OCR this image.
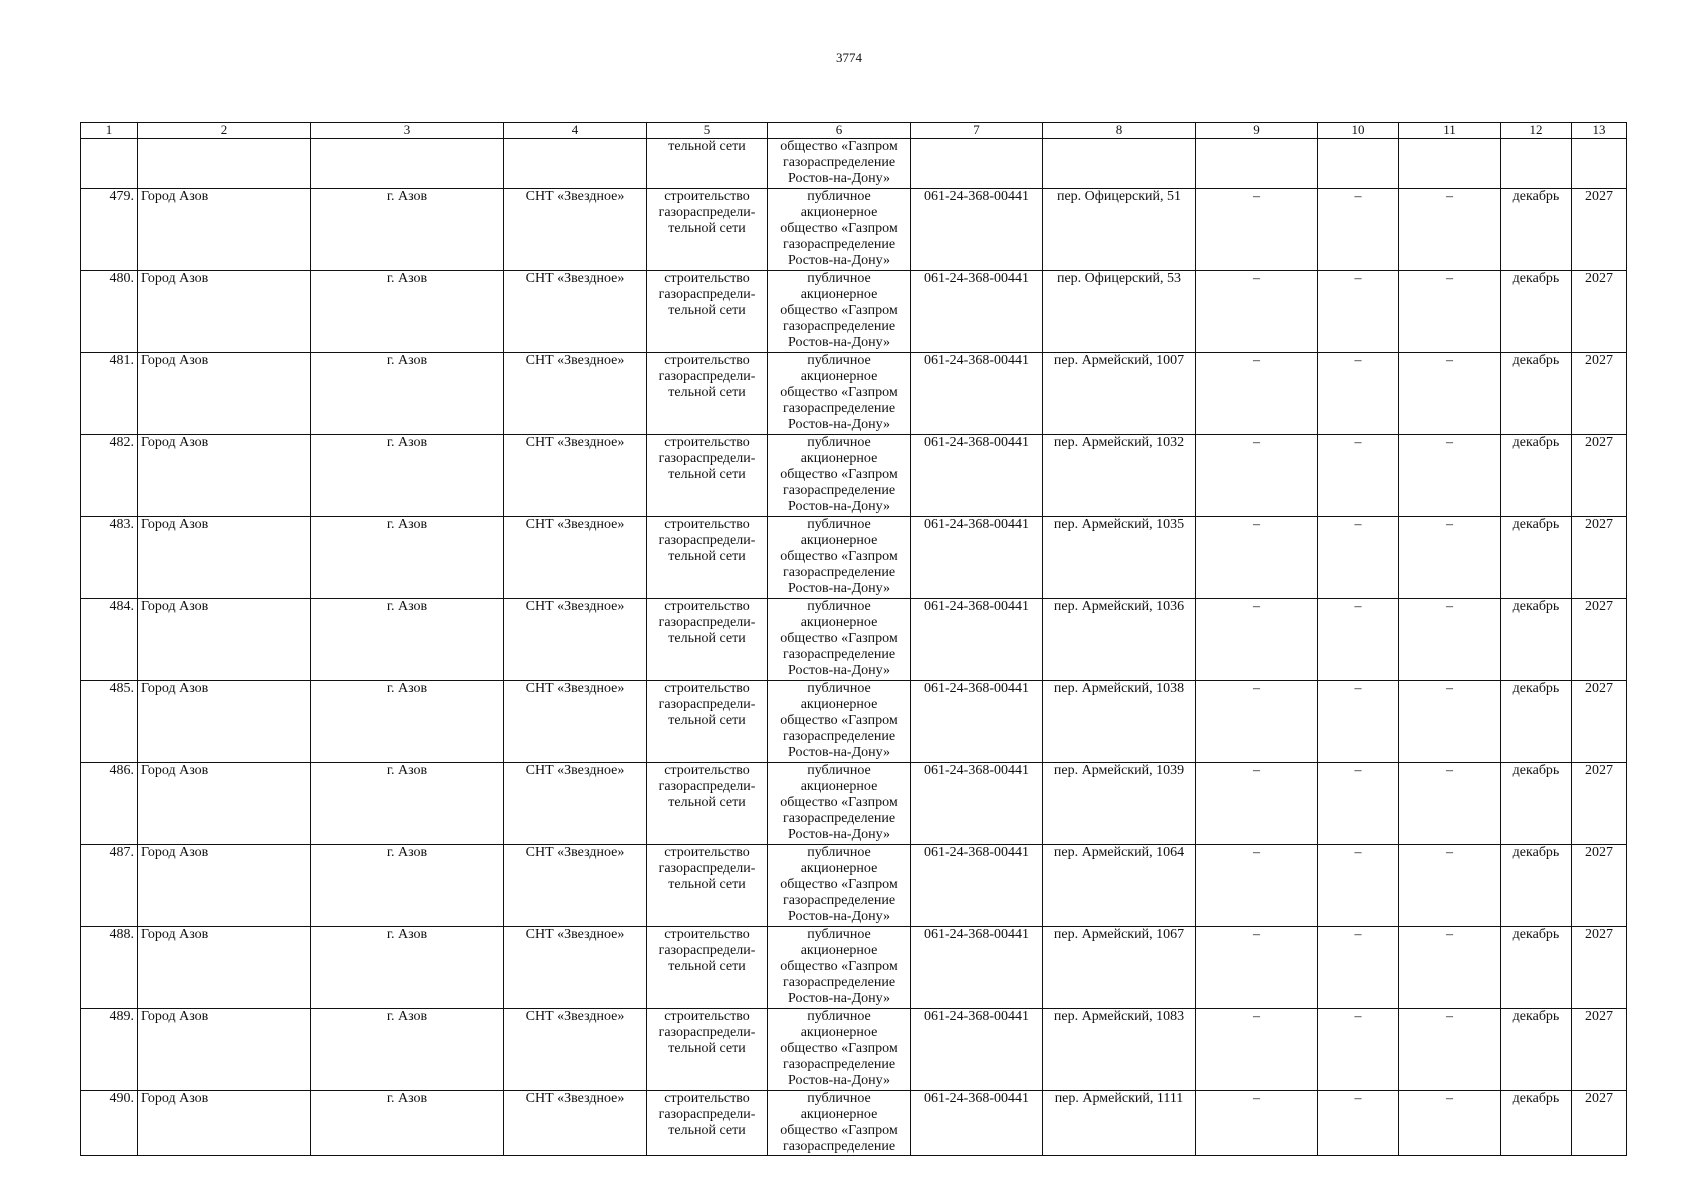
3774
1	2	3	4	5	6	7	8	9	10	11	12	13
				тельной сети	общество «Газпром газораспределение Ростов-на-Дону»							
479.	Город Азов	г. Азов	СНТ «Звездное»	строительство газораспредели-тельной сети	публичное акционерное общество «Газпром газораспределение Ростов-на-Дону»	061-24-368-00441	пер. Офицерский, 51	–	–	–	декабрь	2027
480.	Город Азов	г. Азов	СНТ «Звездное»	строительство газораспредели-тельной сети	публичное акционерное общество «Газпром газораспределение Ростов-на-Дону»	061-24-368-00441	пер. Офицерский, 53	–	–	–	декабрь	2027
481.	Город Азов	г. Азов	СНТ «Звездное»	строительство газораспредели-тельной сети	публичное акционерное общество «Газпром газораспределение Ростов-на-Дону»	061-24-368-00441	пер. Армейский, 1007	–	–	–	декабрь	2027
482.	Город Азов	г. Азов	СНТ «Звездное»	строительство газораспредели-тельной сети	публичное акционерное общество «Газпром газораспределение Ростов-на-Дону»	061-24-368-00441	пер. Армейский, 1032	–	–	–	декабрь	2027
483.	Город Азов	г. Азов	СНТ «Звездное»	строительство газораспредели-тельной сети	публичное акционерное общество «Газпром газораспределение Ростов-на-Дону»	061-24-368-00441	пер. Армейский, 1035	–	–	–	декабрь	2027
484.	Город Азов	г. Азов	СНТ «Звездное»	строительство газораспредели-тельной сети	публичное акционерное общество «Газпром газораспределение Ростов-на-Дону»	061-24-368-00441	пер. Армейский, 1036	–	–	–	декабрь	2027
485.	Город Азов	г. Азов	СНТ «Звездное»	строительство газораспредели-тельной сети	публичное акционерное общество «Газпром газораспределение Ростов-на-Дону»	061-24-368-00441	пер. Армейский, 1038	–	–	–	декабрь	2027
486.	Город Азов	г. Азов	СНТ «Звездное»	строительство газораспредели-тельной сети	публичное акционерное общество «Газпром газораспределение Ростов-на-Дону»	061-24-368-00441	пер. Армейский, 1039	–	–	–	декабрь	2027
487.	Город Азов	г. Азов	СНТ «Звездное»	строительство газораспредели-тельной сети	публичное акционерное общество «Газпром газораспределение Ростов-на-Дону»	061-24-368-00441	пер. Армейский, 1064	–	–	–	декабрь	2027
488.	Город Азов	г. Азов	СНТ «Звездное»	строительство газораспредели-тельной сети	публичное акционерное общество «Газпром газораспределение Ростов-на-Дону»	061-24-368-00441	пер. Армейский, 1067	–	–	–	декабрь	2027
489.	Город Азов	г. Азов	СНТ «Звездное»	строительство газораспредели-тельной сети	публичное акционерное общество «Газпром газораспределение Ростов-на-Дону»	061-24-368-00441	пер. Армейский, 1083	–	–	–	декабрь	2027
490.	Город Азов	г. Азов	СНТ «Звездное»	строительство газораспредели-тельной сети	публичное акционерное общество «Газпром газораспределение	061-24-368-00441	пер. Армейский, 1111	–	–	–	декабрь	2027
